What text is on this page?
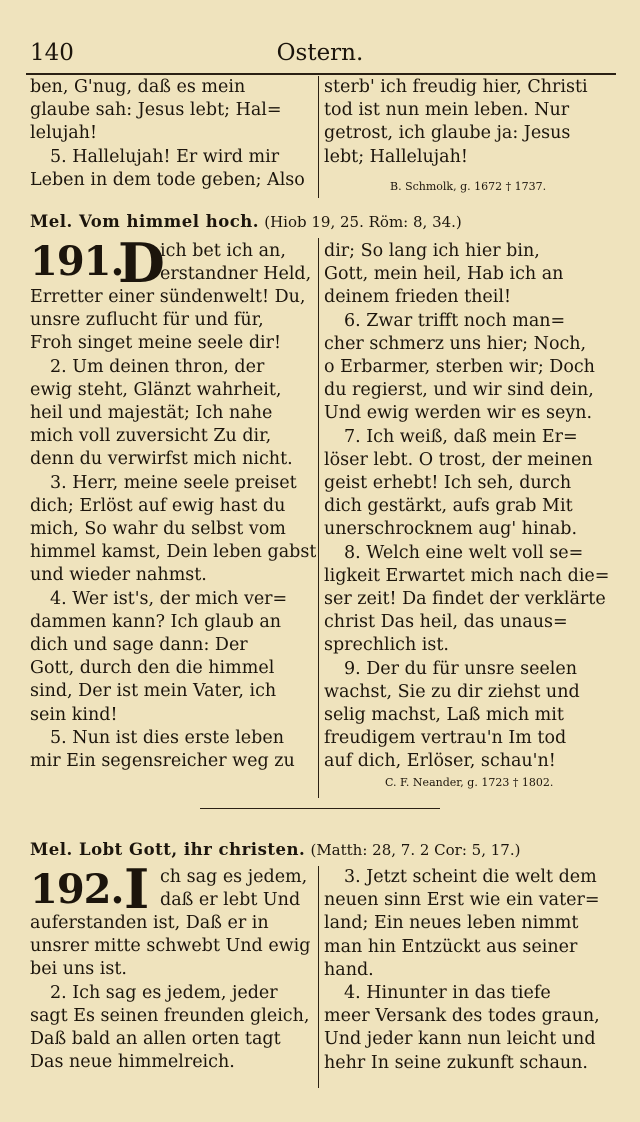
140	Ostern.
ben, G'nug, daß es mein
glaube sah: Jesus lebt; Hal=
lelujah!
5. Hallelujah! Er wird mir
Leben in dem tode geben; Also
sterb' ich freudig hier, Christi
tod ist nun mein leben. Nur
getrost, ich glaube ja: Jesus
lebt; Hallelujah!
B. Schmolk, g. 1672 † 1737.
Mel. Vom himmel hoch. (Hiob 19, 25. Röm: 8, 34.)
191.
D
ich bet ich an,
erstandner Held,
Erretter einer sündenwelt! Du,
unsre zuflucht für und für,
Froh singet meine seele dir!
2. Um deinen thron, der
ewig steht, Glänzt wahrheit,
heil und majestät; Ich nahe
mich voll zuversicht Zu dir,
denn du verwirfst mich nicht.
3. Herr, meine seele preiset
dich; Erlöst auf ewig hast du
mich, So wahr du selbst vom
himmel kamst, Dein leben gabst
und wieder nahmst.
4. Wer ist's, der mich ver=
dammen kann? Ich glaub an
dich und sage dann: Der
Gott, durch den die himmel
sind, Der ist mein Vater, ich
sein kind!
5. Nun ist dies erste leben
mir Ein segensreicher weg zu
dir; So lang ich hier bin,
Gott, mein heil, Hab ich an
deinem frieden theil!
6. Zwar trifft noch man=
cher schmerz uns hier; Noch,
o Erbarmer, sterben wir; Doch
du regierst, und wir sind dein,
Und ewig werden wir es seyn.
7. Ich weiß, daß mein Er=
löser lebt. O trost, der meinen
geist erhebt! Ich seh, durch
dich gestärkt, aufs grab Mit
unerschrocknem aug' hinab.
8. Welch eine welt voll se=
ligkeit Erwartet mich nach die=
ser zeit! Da findet der verklärte
christ Das heil, das unaus=
sprechlich ist.
9. Der du für unsre seelen
wachst, Sie zu dir ziehst und
selig machst, Laß mich mit
freudigem vertrau'n Im tod
auf dich, Erlöser, schau'n!
C. F. Neander, g. 1723 † 1802.
Mel. Lobt Gott, ihr christen. (Matth: 28, 7. 2 Cor: 5, 17.)
192. I ch sag es jedem,
daß er lebt Und
auferstanden ist, Daß er in
unsrer mitte schwebt Und ewig
bei uns ist.
2. Ich sag es jedem, jeder
sagt Es seinen freunden gleich,
Daß bald an allen orten tagt
Das neue himmelreich.
3. Jetzt scheint die welt dem
neuen sinn Erst wie ein vater=
land; Ein neues leben nimmt
man hin Entzückt aus seiner
hand.
4. Hinunter in das tiefe
meer Versank des todes graun,
Und jeder kann nun leicht und
hehr In seine zukunft schaun.
